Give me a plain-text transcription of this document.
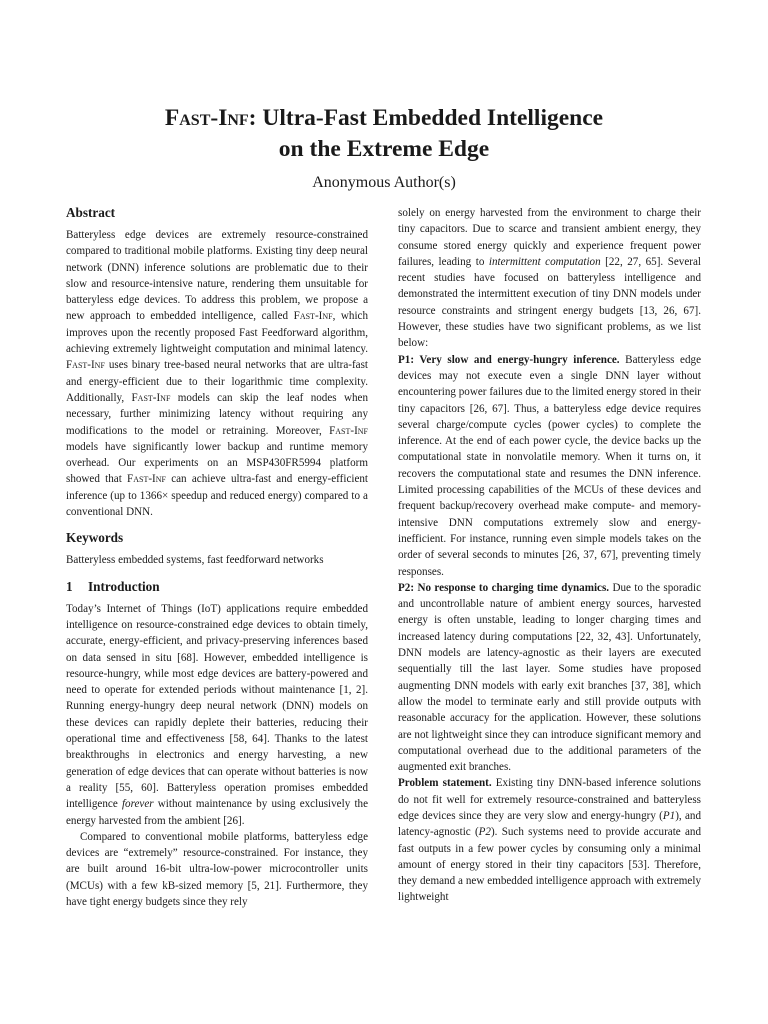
Fast-Inf: Ultra-Fast Embedded Intelligence
on the Extreme Edge
Anonymous Author(s)
Abstract

Batteryless edge devices are extremely resource-constrained compared to traditional mobile platforms. Existing tiny deep neural network (DNN) inference solutions are problematic due to their slow and resource-intensive nature, rendering them unsuitable for batteryless edge devices. To address this problem, we propose a new approach to embedded intelligence, called Fast-Inf, which improves upon the recently proposed Fast Feedforward algorithm, achieving extremely lightweight computation and minimal latency. Fast-Inf uses binary tree-based neural networks that are ultra-fast and energy-efficient due to their logarithmic time complexity. Additionally, Fast-Inf models can skip the leaf nodes when necessary, further minimizing latency without requiring any modifications to the model or retraining. Moreover, Fast-Inf models have significantly lower backup and runtime memory overhead. Our experiments on an MSP430FR5994 platform showed that Fast-Inf can achieve ultra-fast and energy-efficient inference (up to 1366× speedup and reduced energy) compared to a conventional DNN.

Keywords

Batteryless embedded systems, fast feedforward networks

1 Introduction

Today’s Internet of Things (IoT) applications require embedded intelligence on resource-constrained edge devices to obtain timely, accurate, energy-efficient, and privacy-preserving inferences based on data sensed in situ [68]. However, embedded intelligence is resource-hungry, while most edge devices are battery-powered and need to operate for extended periods without maintenance [1, 2]. Running energy-hungry deep neural network (DNN) models on these devices can rapidly deplete their batteries, reducing their operational time and effectiveness [58, 64]. Thanks to the latest breakthroughs in electronics and energy harvesting, a new generation of edge devices that can operate without batteries is now a reality [55, 60]. Batteryless operation promises embedded intelligence forever without maintenance by using exclusively the energy harvested from the ambient [26].

Compared to conventional mobile platforms, batteryless edge devices are “extremely” resource-constrained. For instance, they are built around 16-bit ultra-low-power microcontroller units (MCUs) with a few kB-sized memory [5, 21]. Furthermore, they have tight energy budgets since they rely

solely on energy harvested from the environment to charge their tiny capacitors. Due to scarce and transient ambient energy, they consume stored energy quickly and experience frequent power failures, leading to intermittent computation [22, 27, 65]. Several recent studies have focused on batteryless intelligence and demonstrated the intermittent execution of tiny DNN models under resource constraints and stringent energy budgets [13, 26, 67]. However, these studies have two significant problems, as we list below:

P1: Very slow and energy-hungry inference. Batteryless edge devices may not execute even a single DNN layer without encountering power failures due to the limited energy stored in their tiny capacitors [26, 67]. Thus, a batteryless edge device requires several charge/compute cycles (power cycles) to complete the inference. At the end of each power cycle, the device backs up the computational state in nonvolatile memory. When it turns on, it recovers the computational state and resumes the DNN inference. Limited processing capabilities of the MCUs of these devices and frequent backup/recovery overhead make compute- and memory-intensive DNN computations extremely slow and energy-inefficient. For instance, running even simple models takes on the order of several seconds to minutes [26, 37, 67], preventing timely responses.

P2: No response to charging time dynamics. Due to the sporadic and uncontrollable nature of ambient energy sources, harvested energy is often unstable, leading to longer charging times and increased latency during computations [22, 32, 43]. Unfortunately, DNN models are latency-agnostic as their layers are executed sequentially till the last layer. Some studies have proposed augmenting DNN models with early exit branches [37, 38], which allow the model to terminate early and still provide outputs with reasonable accuracy for the application. However, these solutions are not lightweight since they can introduce significant memory and computational overhead due to the additional parameters of the augmented exit branches.

Problem statement. Existing tiny DNN-based inference solutions do not fit well for extremely resource-constrained and batteryless edge devices since they are very slow and energy-hungry (P1), and latency-agnostic (P2). Such systems need to provide accurate and fast outputs in a few power cycles by consuming only a minimal amount of energy stored in their tiny capacitors [53]. Therefore, they demand a new embedded intelligence approach with extremely lightweight
